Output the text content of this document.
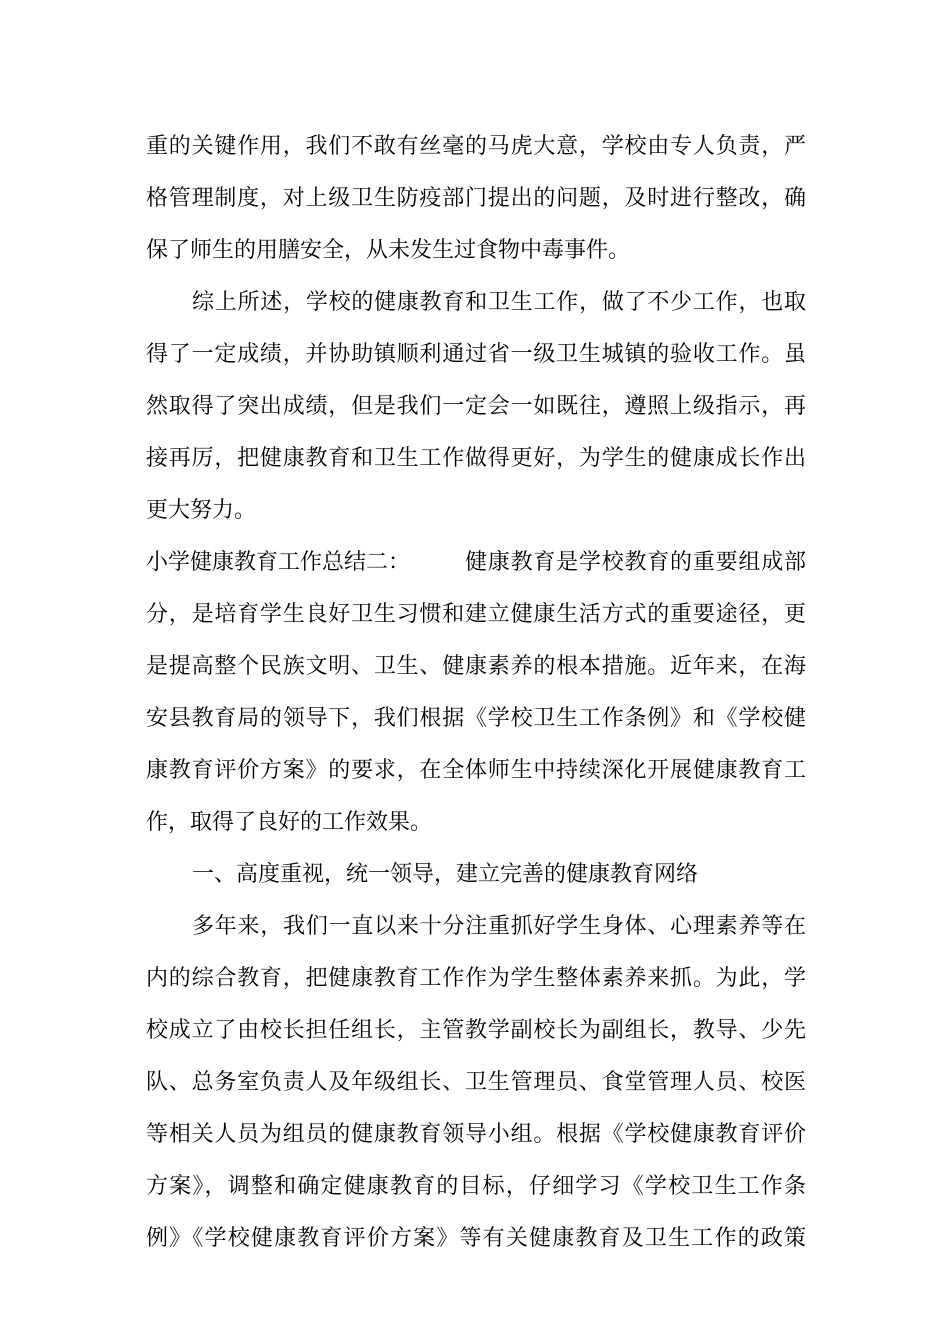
重的关键作用，我们不敢有丝毫的马虎大意，学校由专人负责，严
格管理制度，对上级卫生防疫部门提出的问题，及时进行整改，确
保了师生的用膳安全，从未发生过食物中毒事件。
综上所述，学校的健康教育和卫生工作，做了不少工作，也取
得了一定成绩，并协助镇顺利通过省一级卫生城镇的验收工作。虽
然取得了突出成绩，但是我们一定会一如既往，遵照上级指示，再
接再厉，把健康教育和卫生工作做得更好，为学生的健康成长作出
更大努力。
小学健康教育工作总结二： 健康教育是学校教育的重要组成部
分，是培育学生良好卫生习惯和建立健康生活方式的重要途径，更
是提高整个民族文明、卫生、健康素养的根本措施。近年来，在海
安县教育局的领导下，我们根据《学校卫生工作条例》和《学校健
康教育评价方案》的要求，在全体师生中持续深化开展健康教育工
作，取得了良好的工作效果。
一、高度重视，统一领导，建立完善的健康教育网络
多年来，我们一直以来十分注重抓好学生身体、心理素养等在
内的综合教育，把健康教育工作作为学生整体素养来抓。为此，学
校成立了由校长担任组长，主管教学副校长为副组长，教导、少先
队、总务室负责人及年级组长、卫生管理员、食堂管理人员、校医
等相关人员为组员的健康教育领导小组。根据《学校健康教育评价
方案》，调整和确定健康教育的目标，仔细学习《学校卫生工作条
例》《学校健康教育评价方案》等有关健康教育及卫生工作的政策
